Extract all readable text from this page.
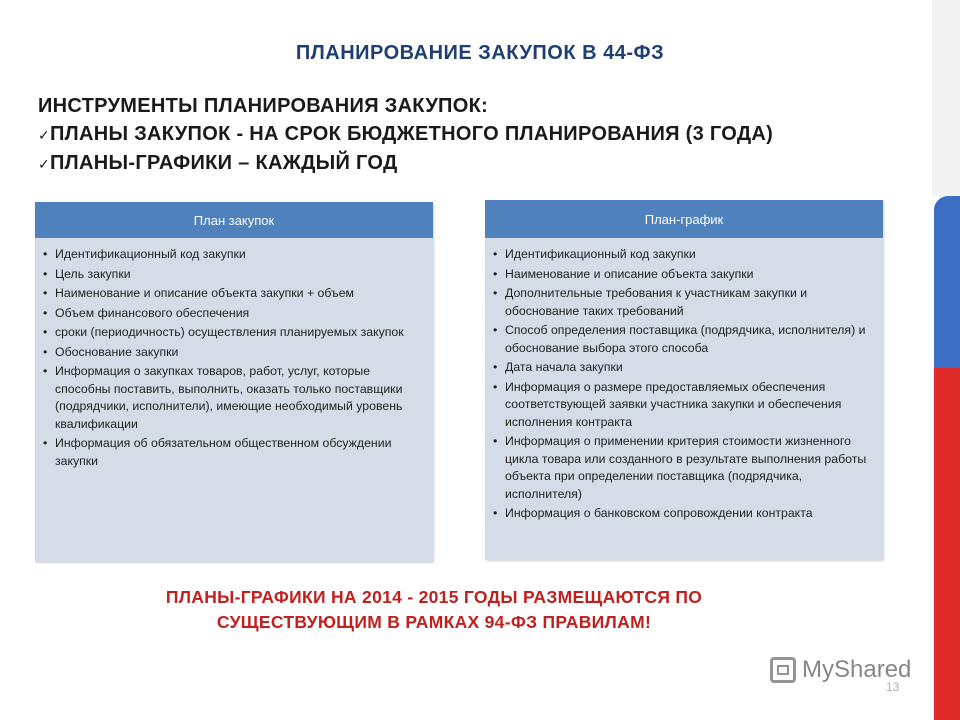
ПЛАНИРОВАНИЕ ЗАКУПОК В 44-ФЗ
ИНСТРУМЕНТЫ ПЛАНИРОВАНИЯ ЗАКУПОК:
✓ПЛАНЫ ЗАКУПОК - НА СРОК БЮДЖЕТНОГО ПЛАНИРОВАНИЯ (3 ГОДА)
✓ПЛАНЫ-ГРАФИКИ – КАЖДЫЙ ГОД
План закупок
• Идентификационный код закупки
• Цель закупки
• Наименование и описание объекта закупки + объем
• Объем финансового обеспечения
• сроки (периодичность) осуществления планируемых закупок
• Обоснование закупки
• Информация о закупках товаров, работ, услуг, которые способны поставить, выполнить, оказать только поставщики (подрядчики, исполнители), имеющие необходимый уровень квалификации
• Информация об обязательном общественном обсуждении закупки
План-график
• Идентификационный код закупки
• Наименование и описание объекта закупки
• Дополнительные требования к участникам закупки и обоснование таких требований
• Способ определения поставщика (подрядчика, исполнителя) и обоснование выбора этого способа
• Дата начала закупки
• Информация о размере предоставляемых обеспечения соответствующей заявки участника закупки и обеспечения исполнения контракта
• Информация о применении критерия стоимости жизненного цикла товара или созданного в результате выполнения работы объекта при определении поставщика (подрядчика, исполнителя)
• Информация о банковском сопровождении контракта
ПЛАНЫ-ГРАФИКИ НА 2014 - 2015 ГОДЫ РАЗМЕЩАЮТСЯ ПО
СУЩЕСТВУЮЩИМ В РАМКАХ 94-ФЗ ПРАВИЛАМ!
MyShared
13
